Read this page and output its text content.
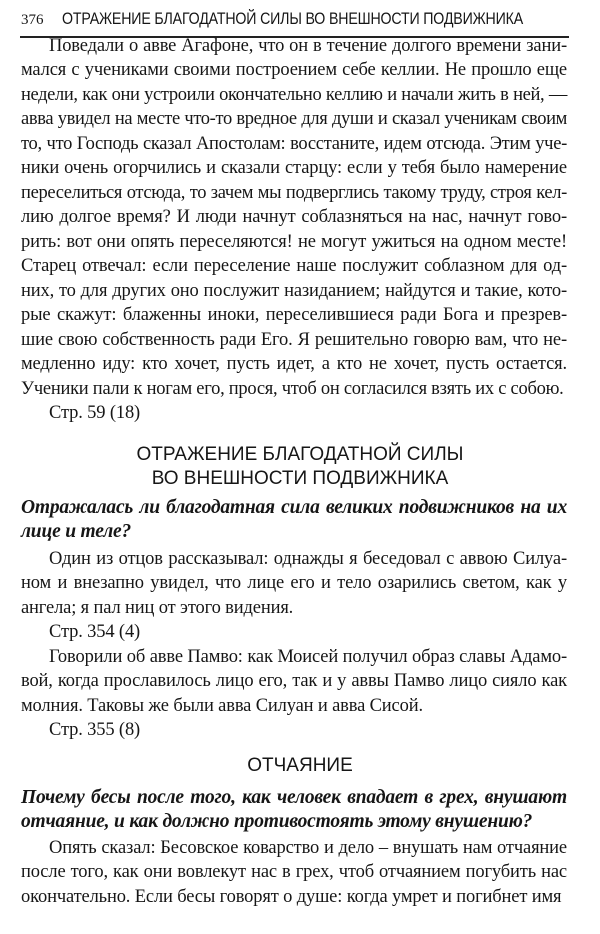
376 ОТРАЖЕНИЕ БЛАГОДАТНОЙ СИЛЫ ВО ВНЕШНОСТИ ПОДВИЖНИКА
Поведали о авве Агафоне, что он в течение долгого времени зани-
мался с учениками своими построением себе келлии. Не прошло еще
недели, как они устроили окончательно келлию и начали жить в ней, —
авва увидел на месте что-то вредное для души и сказал ученикам своим
то, что Господь сказал Апостолам: восстаните, идем отсюда. Этим уче-
ники очень огорчились и сказали старцу: если у тебя было намерение
переселиться отсюда, то зачем мы подверглись такому труду, строя кел-
лию долгое время? И люди начнут соблазняться на нас, начнут гово-
рить: вот они опять переселяются! не могут ужиться на одном месте!
Старец отвечал: если переселение наше послужит соблазном для од-
них, то для других оно послужит назиданием; найдутся и такие, кото-
рые скажут: блаженны иноки, переселившиеся ради Бога и презрев-
шие свою собственность ради Его. Я решительно говорю вам, что не-
медленно иду: кто хочет, пусть идет, а кто не хочет, пусть остается.
Ученики пали к ногам его, прося, чтоб он согласился взять их с собою.
Стр. 59 (18)
ОТРАЖЕНИЕ БЛАГОДАТНОЙ СИЛЫ
ВО ВНЕШНОСТИ ПОДВИЖНИКА
Отражалась ли благодатная сила великих подвижников на их
лице и теле?
Один из отцов рассказывал: однажды я беседовал с аввою Силуа-
ном и внезапно увидел, что лице его и тело озарились светом, как у
ангела; я пал ниц от этого видения.
Стр. 354 (4)
Говорили об авве Памво: как Моисей получил образ славы Адамо-
вой, когда прославилось лицо его, так и у аввы Памво лицо сияло как
молния. Таковы же были авва Силуан и авва Сисой.
Стр. 355 (8)
ОТЧАЯНИЕ
Почему бесы после того, как человек впадает в грех, внушают
отчаяние, и как должно противостоять этому внушению?
Опять сказал: Бесовское коварство и дело – внушать нам отчаяние
после того, как они вовлекут нас в грех, чтоб отчаянием погубить нас
окончательно. Если бесы говорят о душе: когда умрет и погибнет имя
